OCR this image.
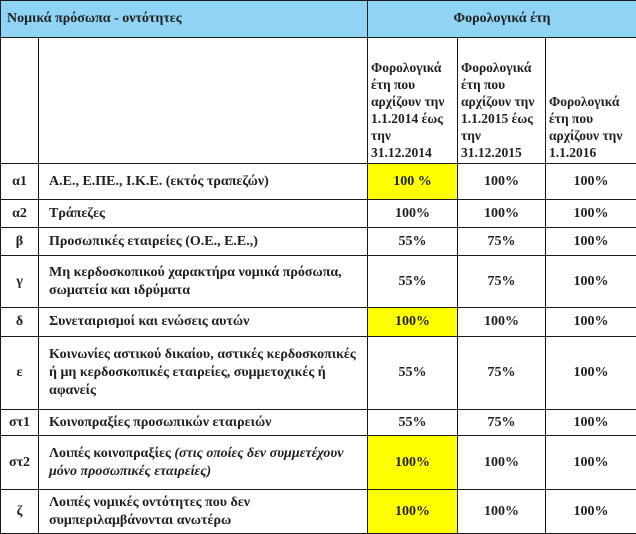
Νομικά πρόσωπα - οντότητες		Φορολογικά έτη		
		Φορολογικά έτη που αρχίζουν την 1.1.2014 έως την 31.12.2014	Φορολογικά έτη που αρχίζουν την 1.1.2015 έως την 31.12.2015	Φορολογικά έτη που αρχίζουν την 1.1.2016
α1	Α.Ε., Ε.ΠΕ., Ι.Κ.Ε. (εκτός τραπεζών)	100 %	100%	100%
α2	Τράπεζες	100%	100%	100%
β	Προσωπικές εταιρείες (Ο.Ε., Ε.Ε.,)	55%	75%	100%
γ	Μη κερδοσκοπικού χαρακτήρα νομικά πρόσωπα, σωματεία και ιδρύματα	55%	75%	100%
δ	Συνεταιρισμοί και ενώσεις αυτών	100%	100%	100%
ε	Κοινωνίες αστικού δικαίου, αστικές κερδοσκοπικές ή μη κερδοσκοπικές εταιρείες, συμμετοχικές ή αφανείς	55%	75%	100%
στ1	Κοινοπραξίες προσωπικών εταιρειών	55%	75%	100%
στ2	Λοιπές κοινοπραξίες (στις οποίες δεν συμμετέχουν μόνο προσωπικές εταιρείες)	100%	100%	100%
ζ	Λοιπές νομικές οντότητες που δεν συμπεριλαμβάνονται ανωτέρω	100%	100%	100%
